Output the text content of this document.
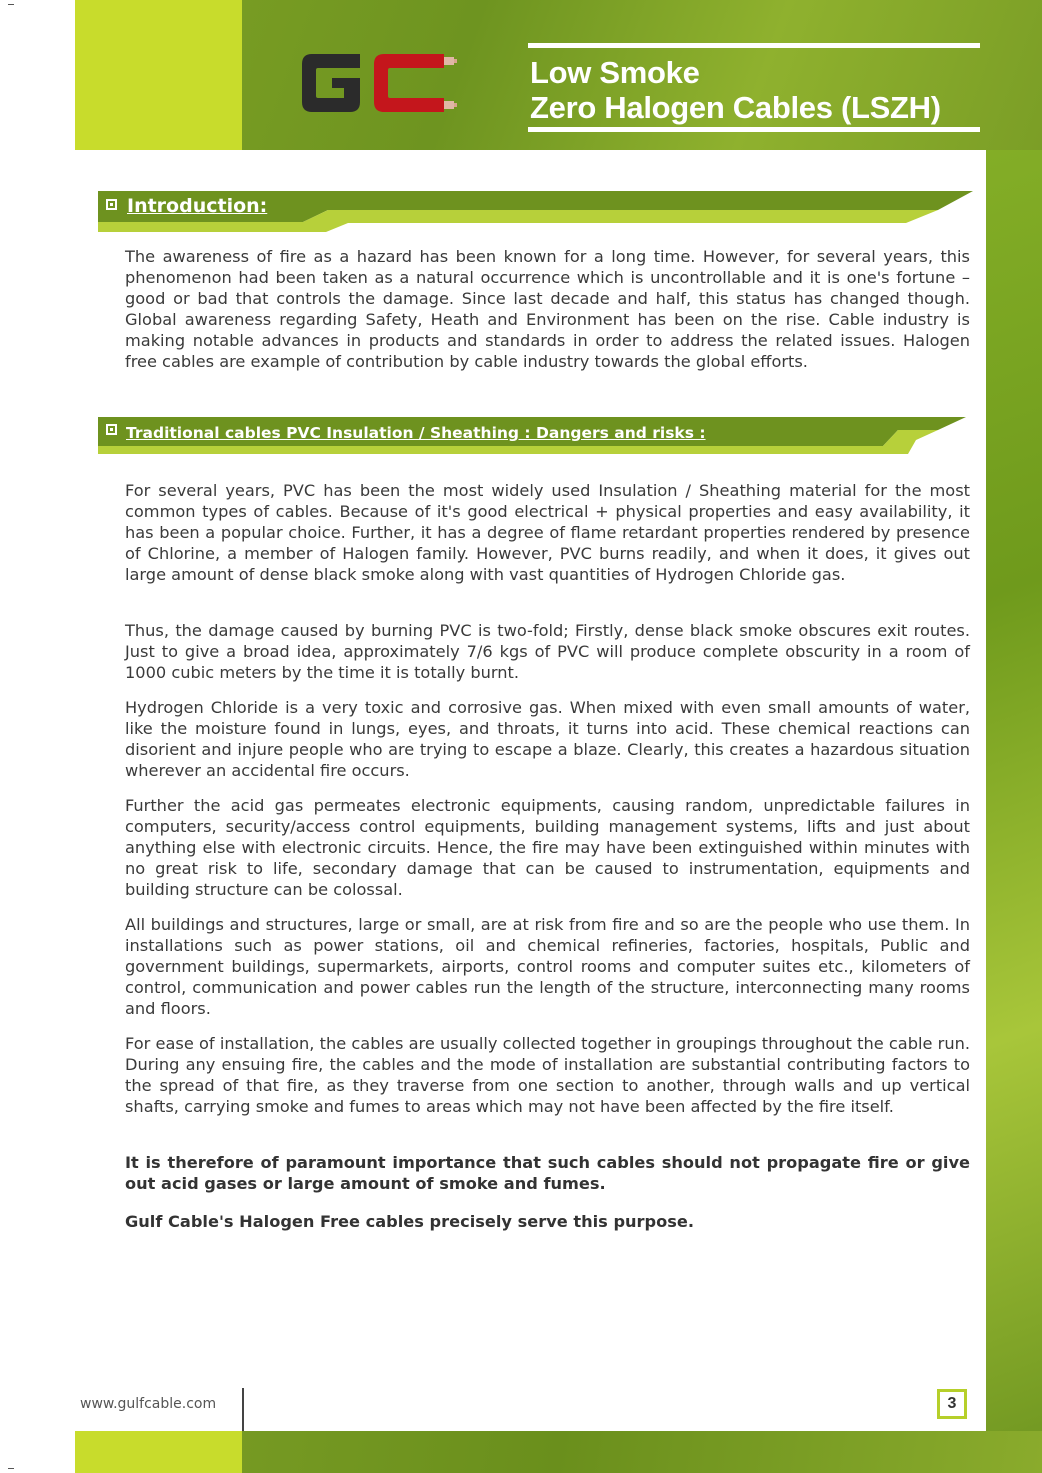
Low Smoke
Zero Halogen Cables (LSZH)
Introduction:

The awareness of fire as a hazard has been known for a long time. However, for several years, this phenomenon had been taken as a natural occurrence which is uncontrollable and it is one's fortune – good or bad that controls the damage. Since last decade and half, this status has changed though. Global awareness regarding Safety, Heath and Environment has been on the rise. Cable industry is making notable advances in products and standards in order to address the related issues. Halogen free cables are example of contribution by cable industry towards the global efforts.

Traditional cables PVC Insulation / Sheathing : Dangers and risks :

For several years, PVC has been the most widely used Insulation / Sheathing material for the most common types of cables. Because of it's good electrical + physical properties and easy availability, it has been a popular choice. Further, it has a degree of flame retardant properties rendered by presence of Chlorine, a member of Halogen family. However, PVC burns readily, and when it does, it gives out large amount of dense black smoke along with vast quantities of Hydrogen Chloride gas.

Thus, the damage caused by burning PVC is two-fold; Firstly, dense black smoke obscures exit routes. Just to give a broad idea, approximately 7/6 kgs of PVC will produce complete obscurity in a room of 1000 cubic meters by the time it is totally burnt.

Hydrogen Chloride is a very toxic and corrosive gas. When mixed with even small amounts of water, like the moisture found in lungs, eyes, and throats, it turns into acid. These chemical reactions can disorient and injure people who are trying to escape a blaze. Clearly, this creates a hazardous situation wherever an accidental fire occurs.

Further the acid gas permeates electronic equipments, causing random, unpredictable failures in computers, security/access control equipments, building management systems, lifts and just about anything else with electronic circuits. Hence, the fire may have been extinguished within minutes with no great risk to life, secondary damage that can be caused to instrumentation, equipments and building structure can be colossal.

All buildings and structures, large or small, are at risk from fire and so are the people who use them. In installations such as power stations, oil and chemical refineries, factories, hospitals, Public and government buildings, supermarkets, airports, control rooms and computer suites etc., kilometers of control, communication and power cables run the length of the structure, interconnecting many rooms and floors.

For ease of installation, the cables are usually collected together in groupings throughout the cable run. During any ensuing fire, the cables and the mode of installation are substantial contributing factors to the spread of that fire, as they traverse from one section to another, through walls and up vertical shafts, carrying smoke and fumes to areas which may not have been affected by the fire itself.

It is therefore of paramount importance that such cables should not propagate fire or give out acid gases or large amount of smoke and fumes.

Gulf Cable's Halogen Free cables precisely serve this purpose.

www.gulfcable.com	3
